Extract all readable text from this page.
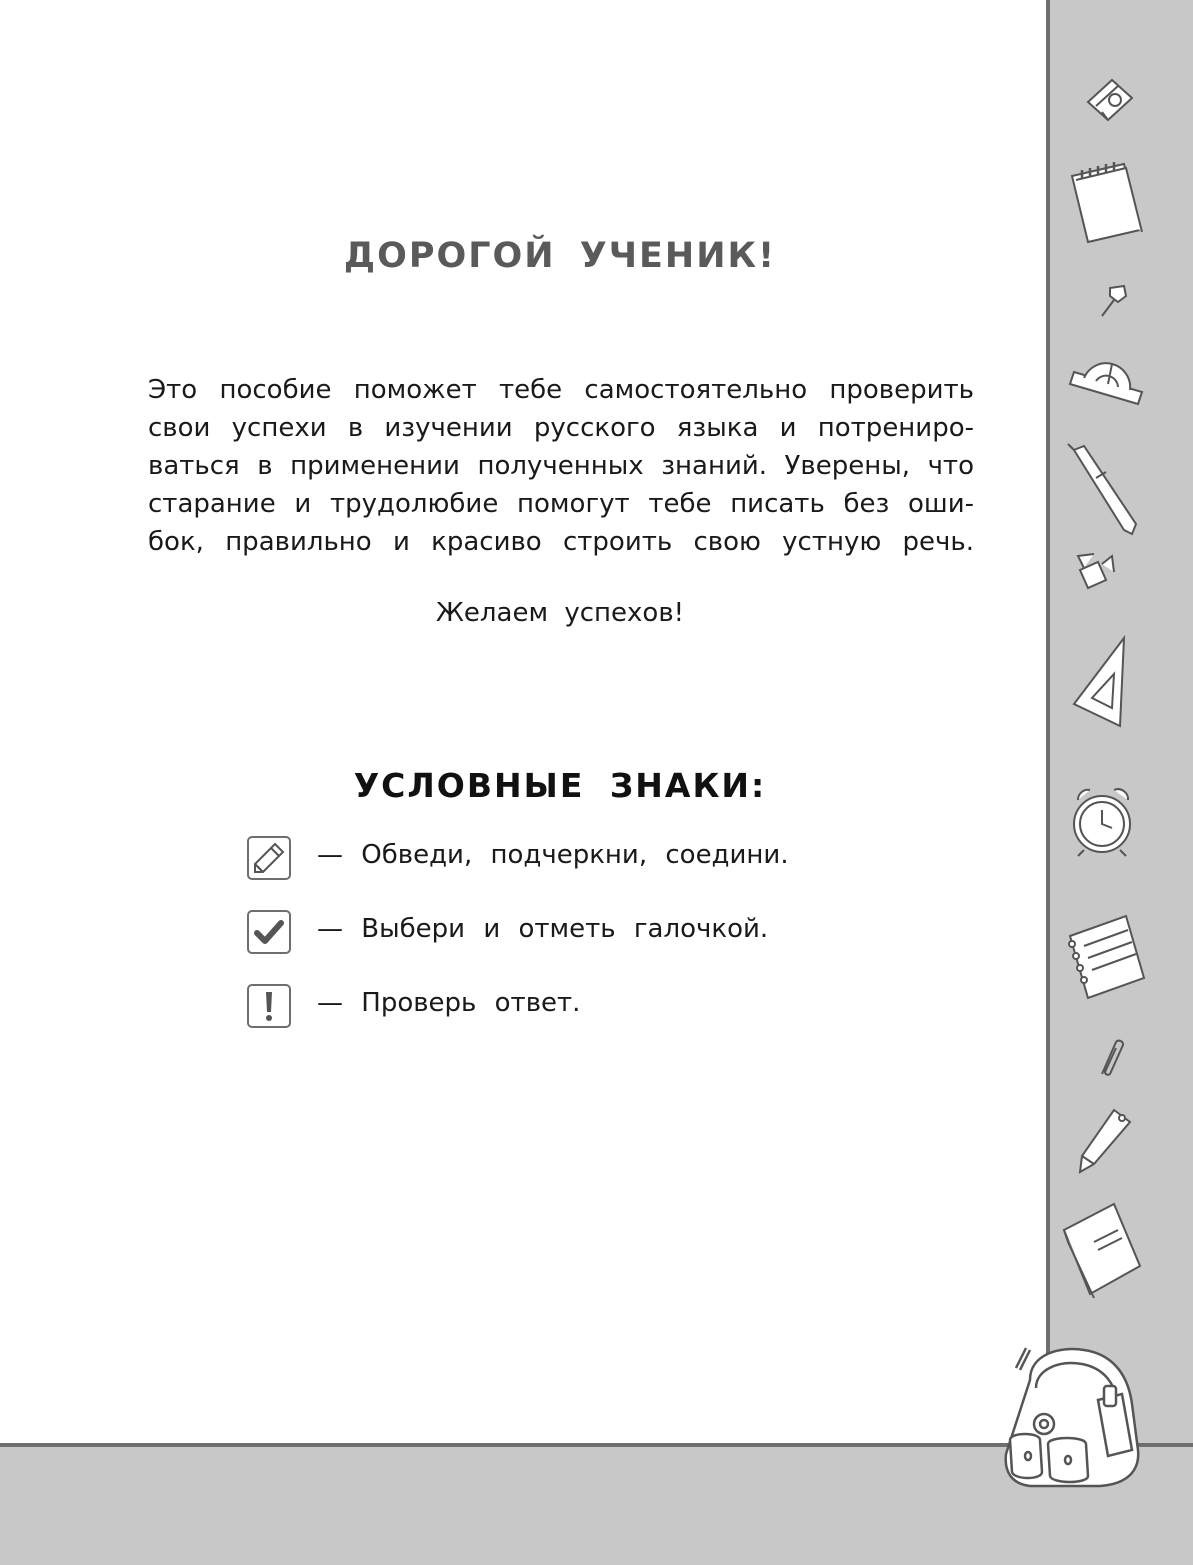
ДОРОГОЙ УЧЕНИК!
Это пособие поможет тебе самостоятельно проверить
свои успехи в изучении русского языка и потрениро-
ваться в применении полученных знаний. Уверены, что
старание и трудолюбие помогут тебе писать без оши-
бок, правильно и красиво строить свою устную речь.

Желаем успехов!

УСЛОВНЫЕ ЗНАКИ:
— Обведи, подчеркни, соедини.
— Выбери и отметь галочкой.
— Проверь ответ.
